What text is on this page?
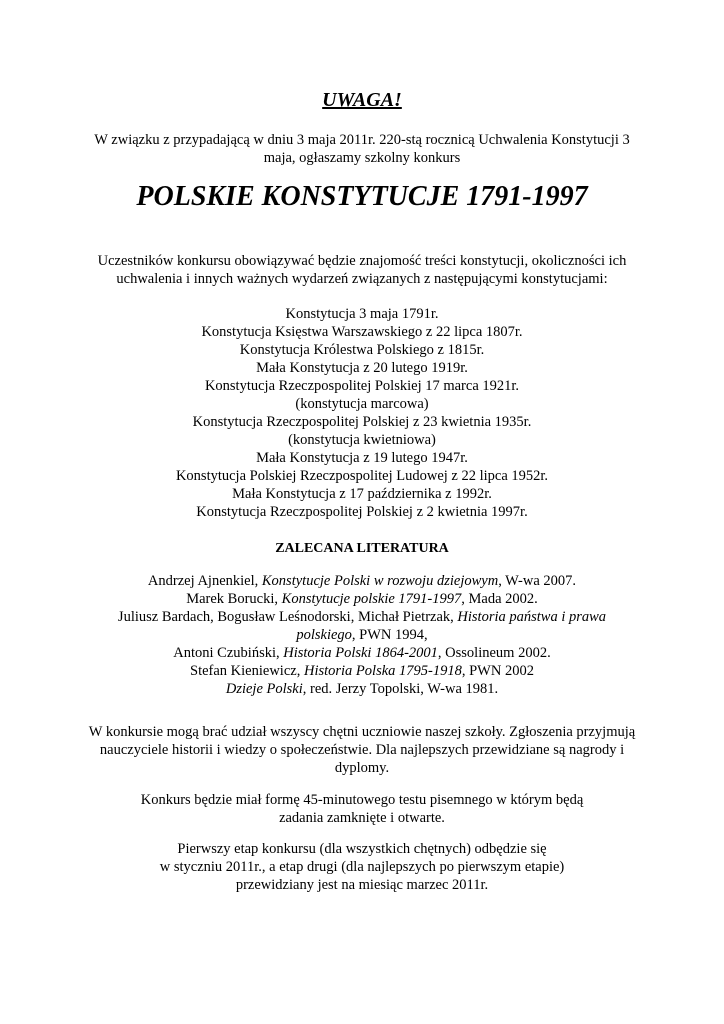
UWAGA!
W związku z przypadającą w dniu 3 maja 2011r. 220-stą rocznicą Uchwalenia Konstytucji 3
maja, ogłaszamy szkolny konkurs
POLSKIE KONSTYTUCJE 1791-1997
Uczestników konkursu obowiązywać będzie znajomość treści konstytucji, okoliczności ich
uchwalenia i innych ważnych wydarzeń związanych z następującymi konstytucjami:
Konstytucja 3 maja 1791r.
Konstytucja Księstwa Warszawskiego z 22 lipca 1807r.
Konstytucja Królestwa Polskiego z 1815r.
Mała Konstytucja z 20 lutego 1919r.
Konstytucja Rzeczpospolitej Polskiej 17 marca 1921r.
(konstytucja marcowa)
Konstytucja Rzeczpospolitej Polskiej z 23 kwietnia 1935r.
(konstytucja kwietniowa)
Mała Konstytucja z 19 lutego 1947r.
Konstytucja Polskiej Rzeczpospolitej Ludowej z 22 lipca 1952r.
Mała Konstytucja z 17 października z 1992r.
Konstytucja Rzeczpospolitej Polskiej z 2 kwietnia 1997r.
ZALECANA LITERATURA
Andrzej Ajnenkiel, Konstytucje Polski w rozwoju dziejowym, W-wa 2007.
Marek Borucki, Konstytucje polskie 1791-1997, Mada 2002.
Juliusz Bardach, Bogusław Leśnodorski, Michał Pietrzak, Historia państwa i prawa
polskiego, PWN 1994,
Antoni Czubiński, Historia Polski 1864-2001, Ossolineum 2002.
Stefan Kieniewicz, Historia Polska 1795-1918, PWN 2002
Dzieje Polski, red. Jerzy Topolski, W-wa 1981.
W konkursie mogą brać udział wszyscy chętni uczniowie naszej szkoły. Zgłoszenia przyjmują
nauczyciele historii i wiedzy o społeczeństwie. Dla najlepszych przewidziane są nagrody i
dyplomy.
Konkurs będzie miał formę 45-minutowego testu pisemnego w którym będą
zadania zamknięte i otwarte.
Pierwszy etap konkursu (dla wszystkich chętnych) odbędzie się
w styczniu 2011r., a etap drugi (dla najlepszych po pierwszym etapie)
przewidziany jest na miesiąc marzec 2011r.
